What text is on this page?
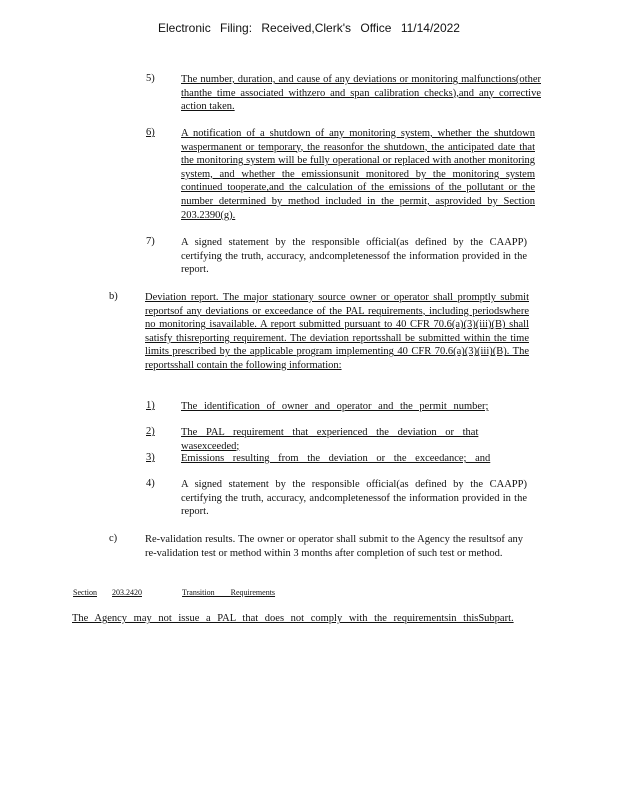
Electronic Filing: Received,Clerk's Office 11/14/2022
5)	The number, duration, and cause of any deviations or monitoring malfunctions(other thanthe time associated withzero and span calibration checks),and any corrective action taken.
6)	A notification of a shutdown of any monitoring system, whether the shutdown waspermanent or temporary, the reasonfor the shutdown, the anticipated date that the monitoring system will be fully operational or replaced with another monitoring system, and whether the emissionsunit monitored by the monitoring system continued tooperate,and the calculation of the emissions of the pollutant or the number determined by method included in the permit, asprovided by Section 203.2390(g).
7)	A signed statement by the responsible official(as defined by the CAAPP) certifying the truth, accuracy, andcompletenessof the information provided in the report.
b)	Deviation report. The major stationary source owner or operator shall promptly submit reportsof any deviations or exceedance of the PAL requirements, including periodswhere no monitoring isavailable. A report submitted pursuant to 40 CFR 70.6(a)(3)(iii)(B) shall satisfy thisreporting requirement. The deviation reportsshall be submitted within the time limits prescribed by the applicable program implementing 40 CFR 70.6(a)(3)(iii)(B). The reportsshall contain the following information:
1)	The identification of owner and operator and the permit number;
2)	The PAL requirement that experienced the deviation or that wasexceeded;
3)	Emissions resulting from the deviation or the exceedance; and
4)	A signed statement by the responsible official(as defined by the CAAPP) certifying the truth, accuracy, andcompletenessof the information provided in the report.
c)	Re-validation results. The owner or operator shall submit to the Agency the resultsof any re-validation test or method within 3 months after completion of such test or method.
Section 203.2420	Transition Requirements
The Agency may not issue a PAL that does not comply with the requirementsin thisSubpart.
